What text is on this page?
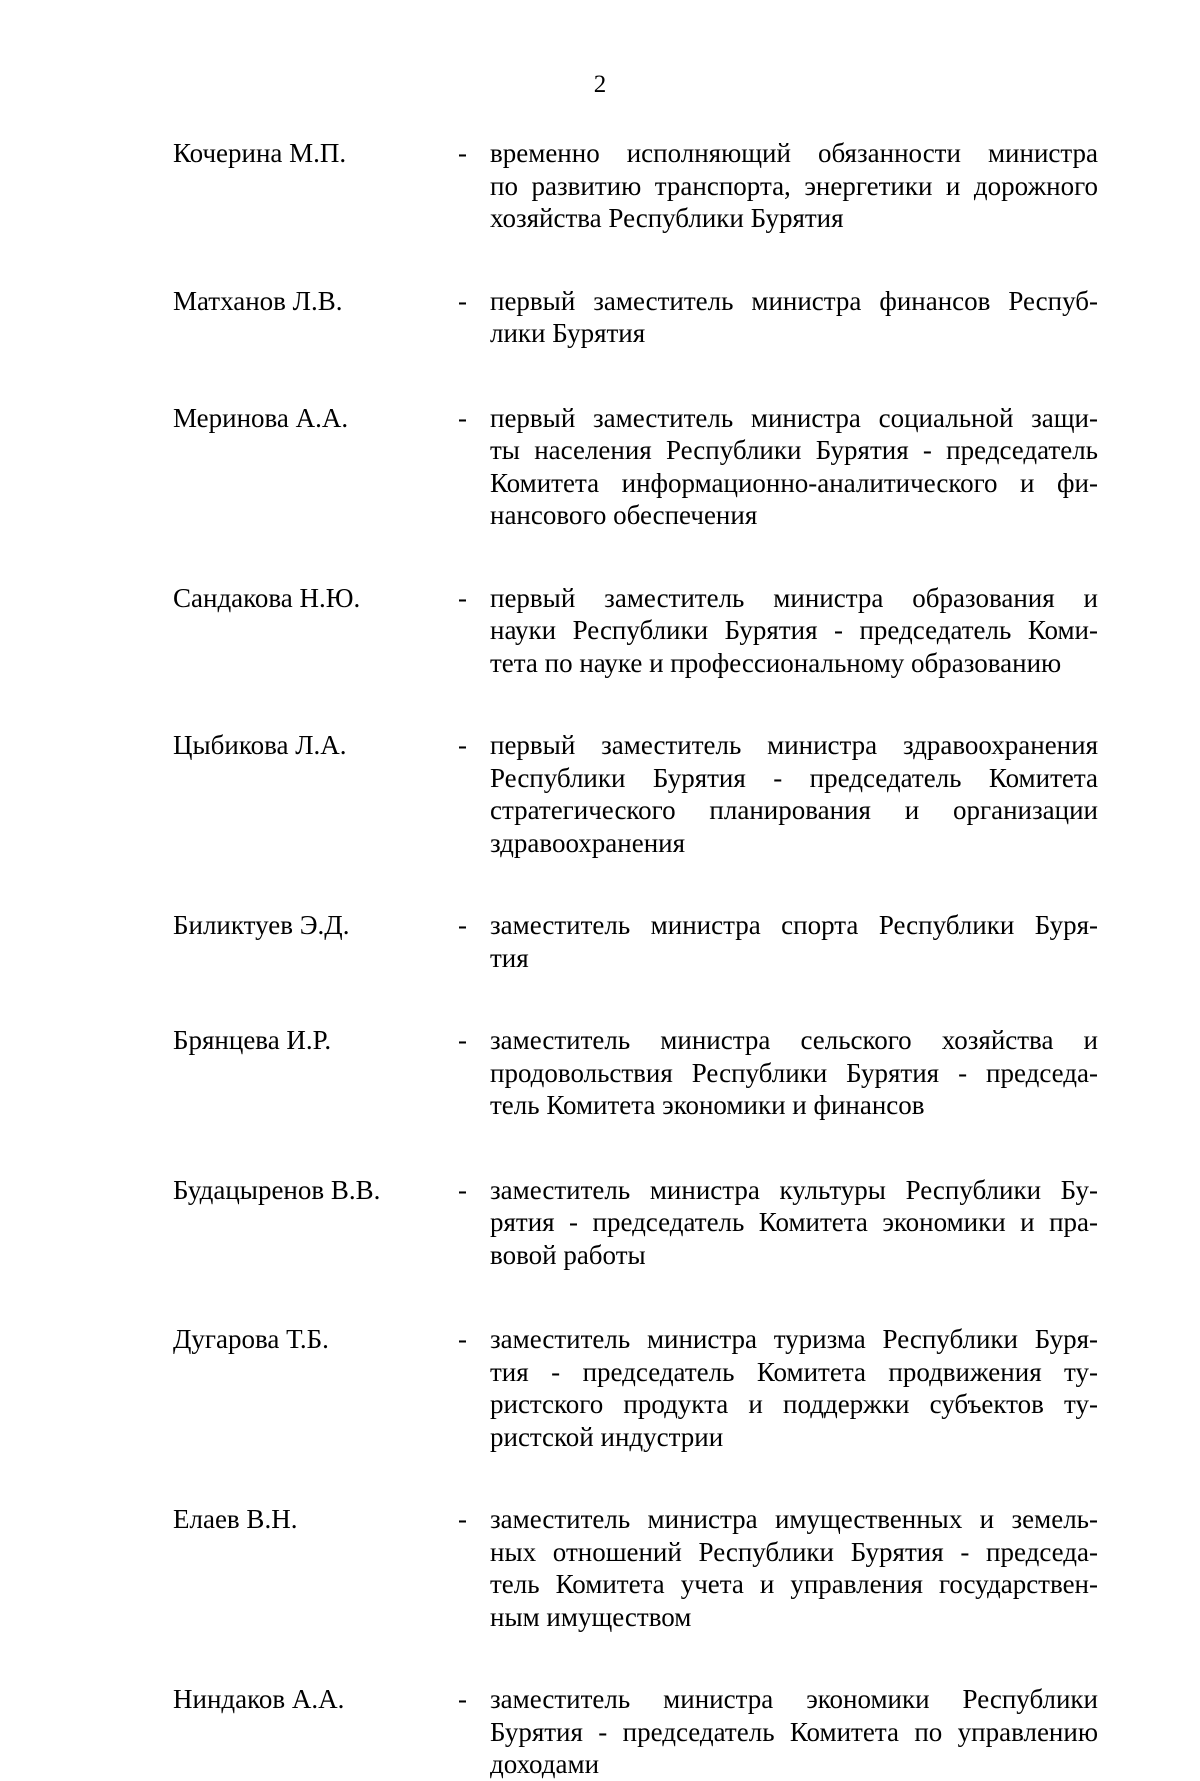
2
Кочерина М.П.	- временно исполняющий обязанности министра
по развитию транспорта, энергетики и дорожного
хозяйства Республики Бурятия
Матханов Л.В.	- первый заместитель министра финансов Респуб-
лики Бурятия
Меринова А.А.	- первый заместитель министра социальной защи-
ты населения Республики Бурятия - председатель
Комитета информационно-аналитического и фи-
нансового обеспечения
Сандакова Н.Ю.	- первый заместитель министра образования и
науки Республики Бурятия - председатель Коми-
тета по науке и профессиональному образованию
Цыбикова Л.А.	- первый заместитель министра здравоохранения
Республики Бурятия - председатель Комитета
стратегического планирования и организации
здравоохранения
Биликтуев Э.Д.	- заместитель министра спорта Республики Буря-
тия
Брянцева И.Р.	- заместитель министра сельского хозяйства и
продовольствия Республики Бурятия - председа-
тель Комитета экономики и финансов
Будацыренов В.В.	- заместитель министра культуры Республики Бу-
рятия - председатель Комитета экономики и пра-
вовой работы
Дугарова Т.Б.	- заместитель министра туризма Республики Буря-
тия - председатель Комитета продвижения ту-
ристского продукта и поддержки субъектов ту-
ристской индустрии
Елаев В.Н.	- заместитель министра имущественных и земель-
ных отношений Республики Бурятия - председа-
тель Комитета учета и управления государствен-
ным имуществом
Ниндаков А.А.	- заместитель министра экономики Республики
Бурятия - председатель Комитета по управлению
доходами
